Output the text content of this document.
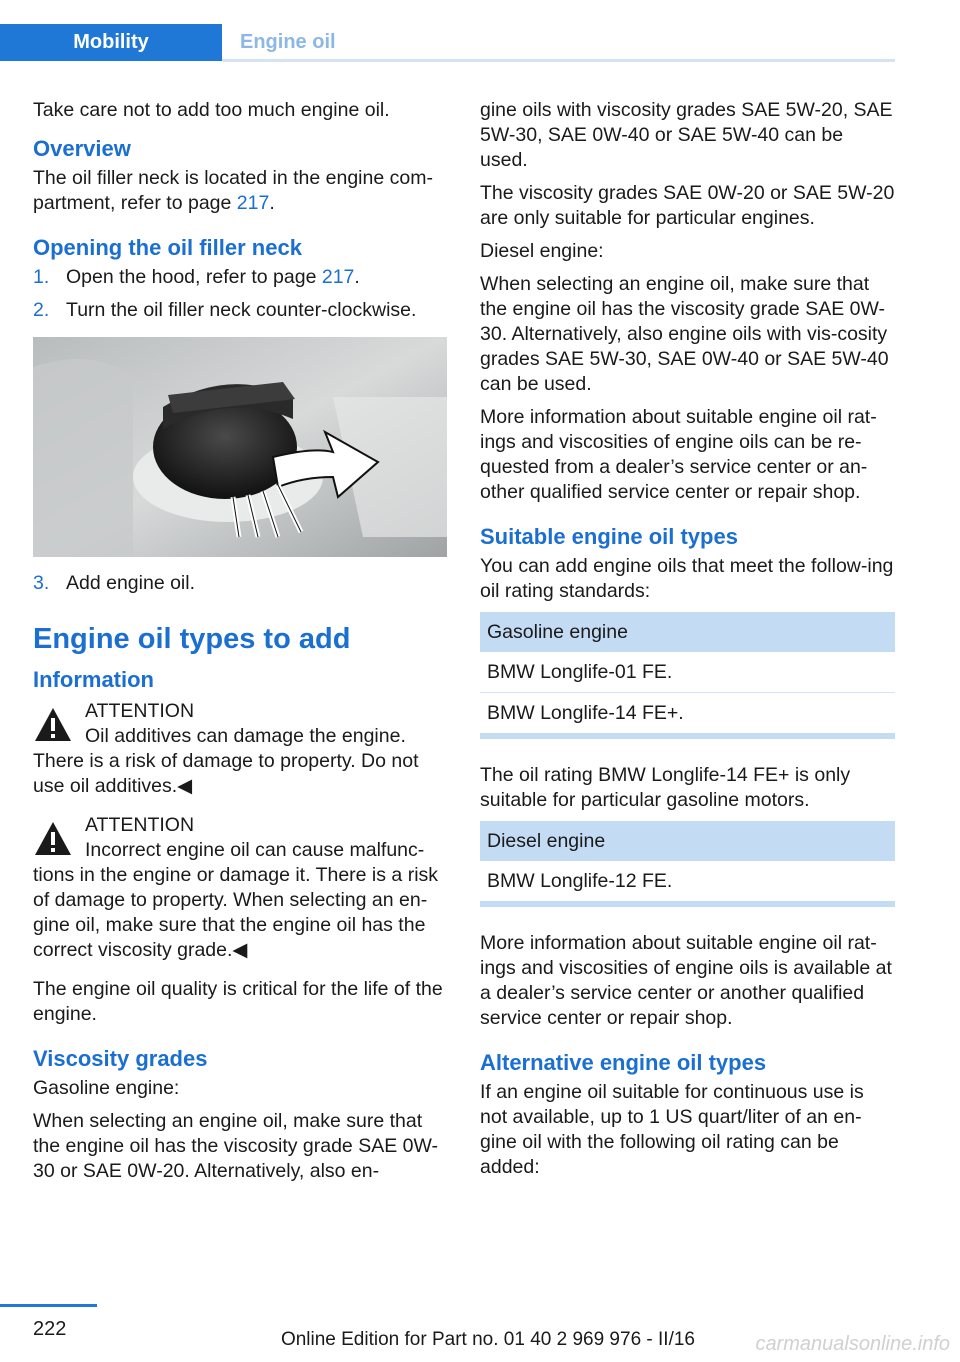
Mobility	Engine oil

Take care not to add too much engine oil.

Overview

The oil filler neck is located in the engine com‐partment, refer to page 217.

Opening the oil filler neck
1. Open the hood, refer to page 217.
2. Turn the oil filler neck counter-clockwise.
3. Add engine oil.
Engine oil types to add
Information
ATTENTION
Oil additives can damage the engine. There is a risk of damage to property. Do not use oil additives.◀
ATTENTION
Incorrect engine oil can cause malfunc‐tions in the engine or damage it. There is a risk of damage to property. When selecting an en‐gine oil, make sure that the engine oil has the correct viscosity grade.◀

The engine oil quality is critical for the life of the engine.

Viscosity grades

Gasoline engine:

When selecting an engine oil, make sure that the engine oil has the viscosity grade SAE 0W-30 or SAE 0W-20. Alternatively, also en‐

gine oils with viscosity grades SAE 5W-20, SAE 5W-30, SAE 0W-40 or SAE 5W-40 can be used.

The viscosity grades SAE 0W-20 or SAE 5W-20 are only suitable for particular engines.

Diesel engine:

When selecting an engine oil, make sure that the engine oil has the viscosity grade SAE 0W-30. Alternatively, also engine oils with vis‐cosity grades SAE 5W-30, SAE 0W-40 or SAE 5W-40 can be used.

More information about suitable engine oil rat‐ings and viscosities of engine oils can be re‐quested from a dealer’s service center or an‐other qualified service center or repair shop.

Suitable engine oil types

You can add engine oils that meet the follow‐ing oil rating standards:

Gasoline engine
BMW Longlife-01 FE.
BMW Longlife-14 FE+.

The oil rating BMW Longlife-14 FE+ is only suitable for particular gasoline motors.

Diesel engine
BMW Longlife-12 FE.

More information about suitable engine oil rat‐ings and viscosities of engine oils is available at a dealer’s service center or another qualified service center or repair shop.

Alternative engine oil types

If an engine oil suitable for continuous use is not available, up to 1 US quart/liter of an en‐gine oil with the following oil rating can be added:

222	Online Edition for Part no. 01 40 2 969 976 - II/16	carmanualsonline.info
